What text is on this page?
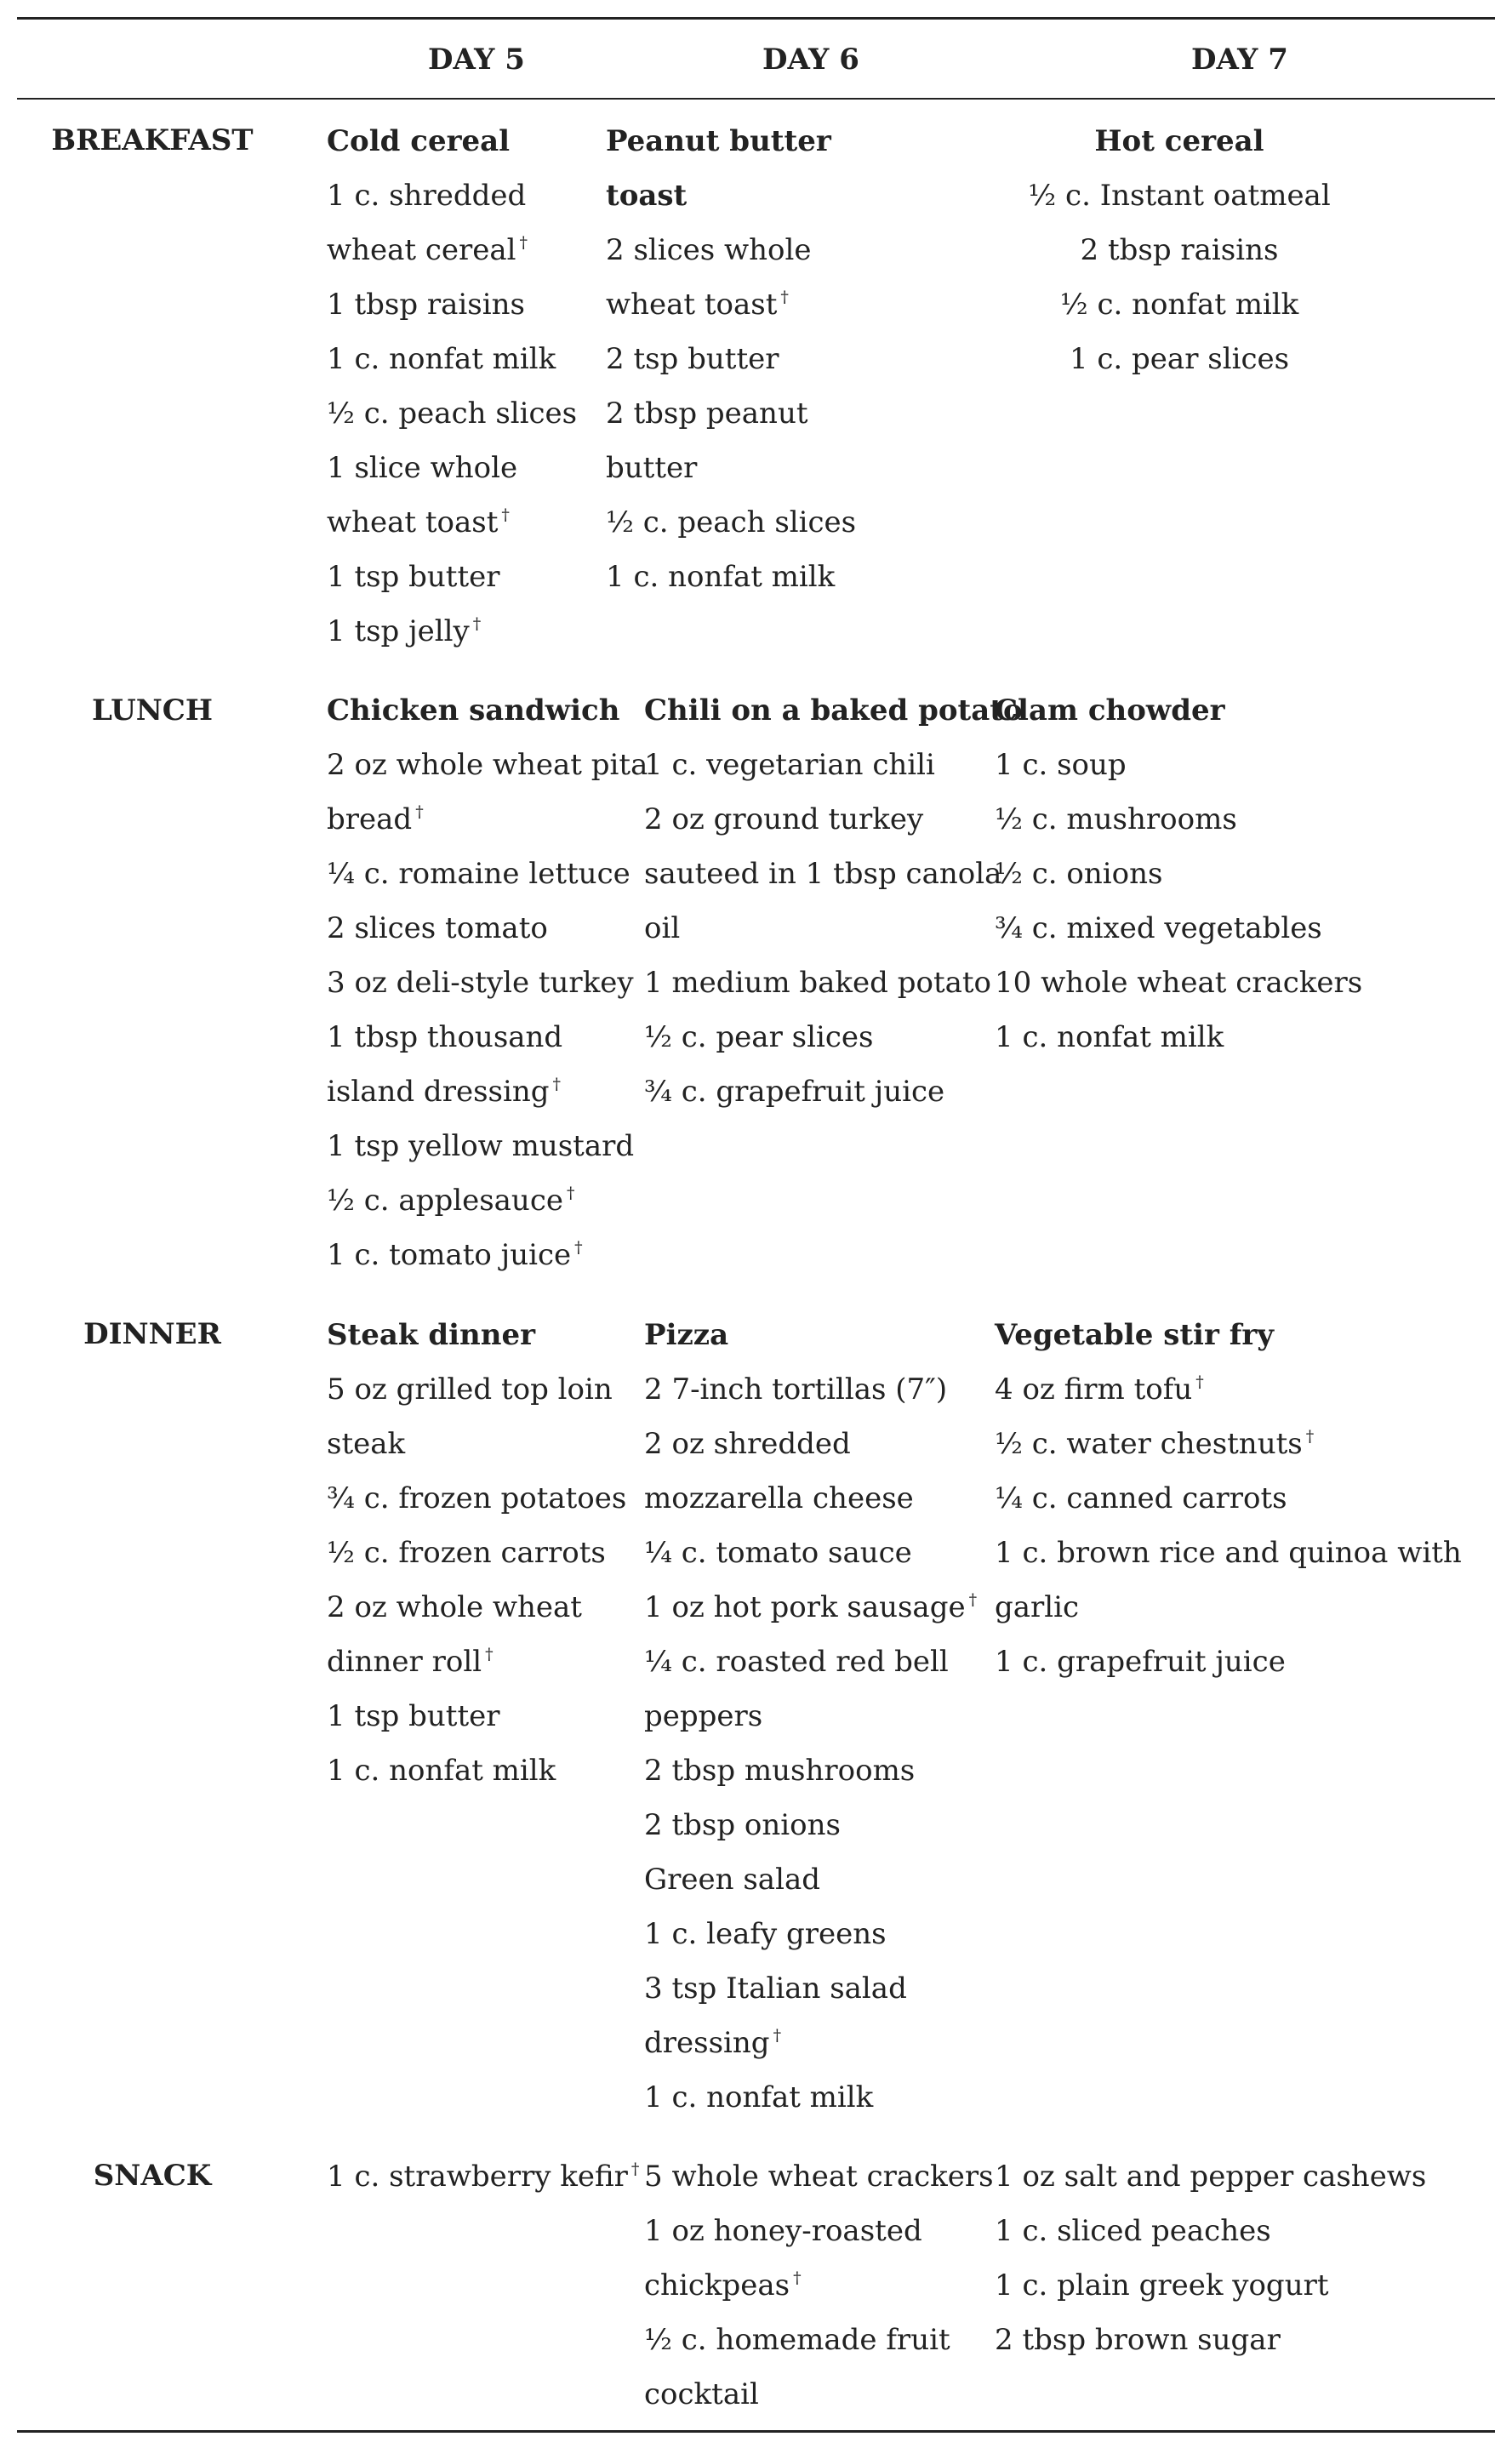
DAY 5	DAY 6	DAY 7
BREAKFAST
LUNCH
DINNER
SNACK
Cold cereal
1 c. shredded
wheat cereal †
1 tbsp raisins
1 c. nonfat milk
½ c. peach slices
1 slice whole
wheat toast †
1 tsp butter
1 tsp jelly †
Peanut butter
toast
2 slices whole
wheat toast †
2 tsp butter
2 tbsp peanut
butter
½ c. peach slices
1 c. nonfat milk
Hot cereal
½ c. Instant oatmeal
2 tbsp raisins
½ c. nonfat milk
1 c. pear slices
Chicken sandwich
2 oz whole wheat pita
bread †
¼ c. romaine lettuce
2 slices tomato
3 oz deli-style turkey
1 tbsp thousand
island dressing †
1 tsp yellow mustard
½ c. applesauce †
1 c. tomato juice †
Chili on a baked potato
1 c. vegetarian chili
2 oz ground turkey
sauteed in 1 tbsp canola
oil
1 medium baked potato
½ c. pear slices
¾ c. grapefruit juice
Clam chowder
1 c. soup
½ c. mushrooms
½ c. onions
¾ c. mixed vegetables
10 whole wheat crackers
1 c. nonfat milk
Steak dinner
5 oz grilled top loin
steak
¾ c. frozen potatoes
½ c. frozen carrots
2 oz whole wheat
dinner roll †
1 tsp butter
1 c. nonfat milk
Pizza
2 7-inch tortillas (7″)
2 oz shredded
mozzarella cheese
¼ c. tomato sauce
1 oz hot pork sausage †
¼ c. roasted red bell
peppers
2 tbsp mushrooms
2 tbsp onions
Green salad
1 c. leafy greens
3 tsp Italian salad
dressing †
1 c. nonfat milk
Vegetable stir fry
4 oz firm tofu †
½ c. water chestnuts †
¼ c. canned carrots
1 c. brown rice and quinoa with
garlic
1 c. grapefruit juice
1 c. strawberry kefir † 5 whole wheat crackers
1 oz honey-roasted
chickpeas †
½ c. homemade fruit
cocktail
1 oz salt and pepper cashews
1 c. sliced peaches
1 c. plain greek yogurt
2 tbsp brown sugar
